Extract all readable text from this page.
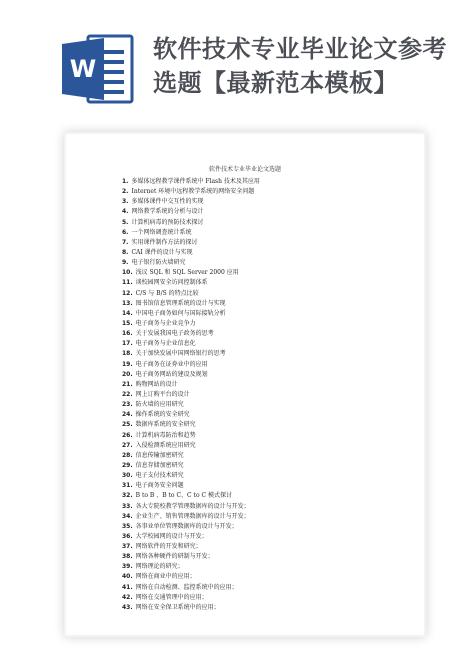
W
软件技术专业毕业论文参考选题【最新范本模板】
软件技术专业毕业论文选题
1. 多媒体远程教学课件系统中 Flash 技术及其应用
2. Internet 环境中远程教学系统的网络安全问题
3. 多媒体课件中交互性的实现
4. 网络教学系统的分析与设计
5. 计算机病毒的预防技术探讨
6. 一个网络调查统计系统
7. 实用课件制作方法的探讨
8. CAI 课件的设计与实现
9. 电子银行防火墙研究
10. 浅议 SQL 和 SQL Server 2000 应用
11. 谈校园网安全访问控制体系
12. C/S 与 B/S 的特点比较
13. 图书馆信息管理系统的设计与实现
14. 中国电子商务如何与国际接轨分析
15. 电子商务与企业竞争力
16. 关于发展我国电子政务的思考
17. 电子商务与企业信息化
18. 关于加快发展中国网络银行的思考
19. 电子商务在证券业中的应用
20. 电子商务网站的建设及规划
21. 购物网站的设计
22. 网上订购平台的设计
23. 防火墙的应用研究
24. 操作系统的安全研究
25. 数据库系统的安全研究
26. 计算机病毒防治和趋势
27. 入侵检测系统应用研究
28. 信息传输加密研究
29. 信息存储加密研究
30. 电子支付技术研究
31. 电子商务安全问题
32. B to B 、B to C、C to C 模式探讨
33. 各大专院校教学管理数据库的设计与开发；
34. 企业生产、销售管理数据库的设计与开发；
35. 各事业单位管理数据库的设计与开发；
36. 大学校园网的设计与开发；
37. 网络软件的开发和研究；
38. 网络各种硬件的研制与开发；
39. 网络理论的研究；
40. 网络在商业中的应用；
41. 网络在自动检测、监控系统中的应用；
42. 网络在交通管理中的应用；
43. 网络在安全保卫系统中的应用；
